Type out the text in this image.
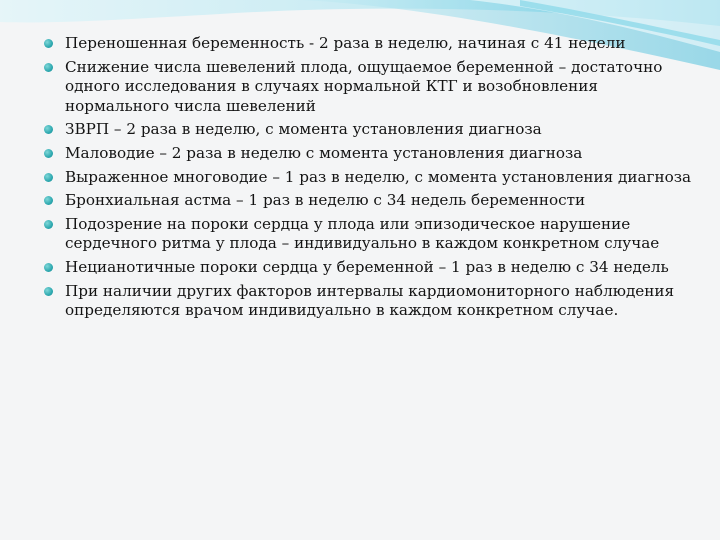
Переношенная беременность - 2 раза в неделю, начиная с 41 недели
Снижение числа шевелений плода, ощущаемое беременной – достаточно одного исследования в случаях нормальной КТГ и возобновления нормального числа шевелений
ЗВРП – 2 раза в неделю, с момента установления диагноза
Маловодие – 2 раза в неделю с момента установления диагноза
Выраженное многоводие – 1 раз в неделю, с момента установления диагноза
Бронхиальная астма – 1 раз в неделю с 34 недель беременности
Подозрение на пороки сердца у плода или эпизодическое нарушение сердечного ритма у плода – индивидуально в каждом конкретном случае
Нецианотичные пороки сердца у беременной – 1 раз в неделю с 34 недель
При наличии других факторов интервалы кардиомониторного наблюдения определяются врачом индивидуально в каждом конкретном случае.
